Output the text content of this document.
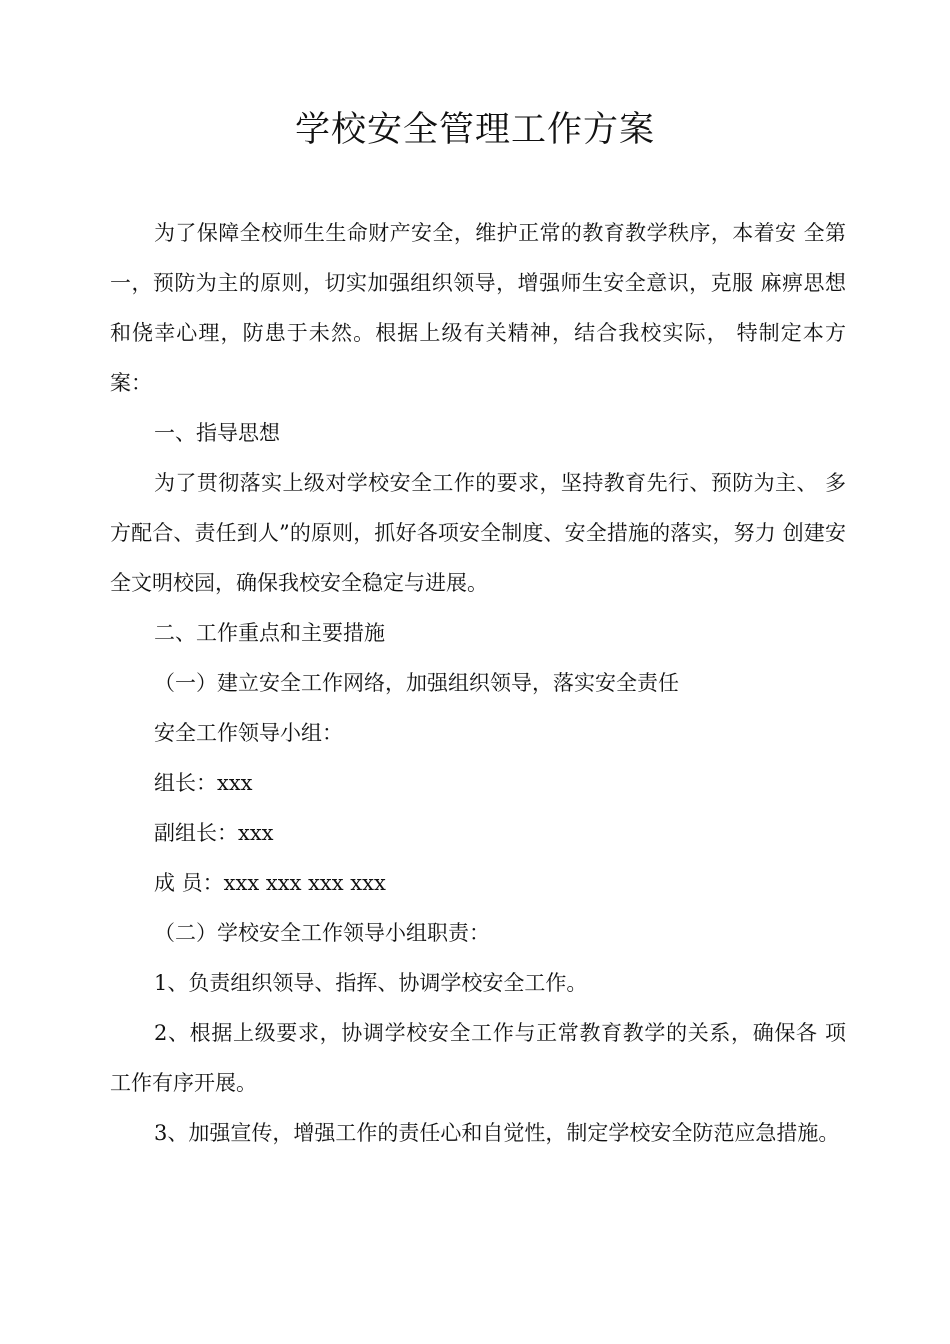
学校安全管理工作方案

为了保障全校师生生命财产安全，维护正常的教育教学秩序，本着安 全第一，预防为主的原则，切实加强组织领导，增强师生安全意识，克服 麻痹思想和侥幸心理，防患于未然。根据上级有关精神，结合我校实际， 特制定本方案：

一、指导思想

为了贯彻落实上级对学校安全工作的要求，坚持教育先行、预防为主、 多方配合、责任到人”的原则，抓好各项安全制度、安全措施的落实，努力 创建安全文明校园，确保我校安全稳定与进展。

二、工作重点和主要措施

（一）建立安全工作网络，加强组织领导，落实安全责任

安全工作领导小组：

组长：xxx

副组长：xxx

成 员：xxx xxx xxx xxx

（二）学校安全工作领导小组职责：

1、负责组织领导、指挥、协调学校安全工作。

2、根据上级要求，协调学校安全工作与正常教育教学的关系，确保各 项工作有序开展。

3、加强宣传，增强工作的责任心和自觉性，制定学校安全防范应急措施。
